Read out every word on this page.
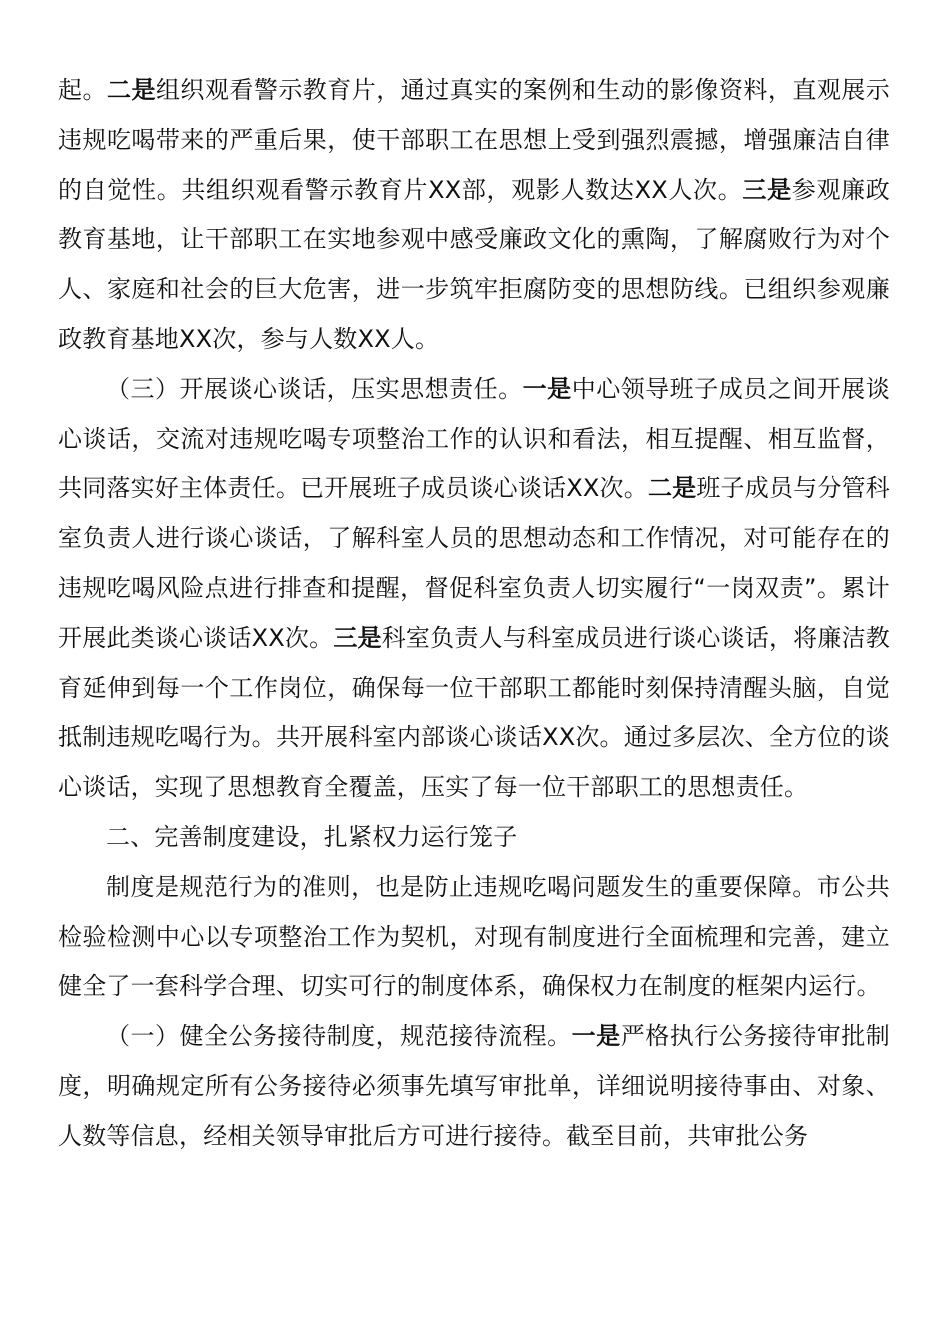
起。二是组织观看警示教育片，通过真实的案例和生动的影像资料，直观展示违规吃喝带来的严重后果，使干部职工在思想上受到强烈震撼，增强廉洁自律的自觉性。共组织观看警示教育片XX部，观影人数达XX人次。三是参观廉政教育基地，让干部职工在实地参观中感受廉政文化的熏陶，了解腐败行为对个人、家庭和社会的巨大危害，进一步筑牢拒腐防变的思想防线。已组织参观廉政教育基地XX次，参与人数XX人。

（三）开展谈心谈话，压实思想责任。一是中心领导班子成员之间开展谈心谈话，交流对违规吃喝专项整治工作的认识和看法，相互提醒、相互监督，共同落实好主体责任。已开展班子成员谈心谈话XX次。二是班子成员与分管科室负责人进行谈心谈话，了解科室人员的思想动态和工作情况，对可能存在的违规吃喝风险点进行排查和提醒，督促科室负责人切实履行“一岗双责”。累计开展此类谈心谈话XX次。三是科室负责人与科室成员进行谈心谈话，将廉洁教育延伸到每一个工作岗位，确保每一位干部职工都能时刻保持清醒头脑，自觉抵制违规吃喝行为。共开展科室内部谈心谈话XX次。通过多层次、全方位的谈心谈话，实现了思想教育全覆盖，压实了每一位干部职工的思想责任。

二、完善制度建设，扎紧权力运行笼子

制度是规范行为的准则，也是防止违规吃喝问题发生的重要保障。市公共检验检测中心以专项整治工作为契机，对现有制度进行全面梳理和完善，建立健全了一套科学合理、切实可行的制度体系，确保权力在制度的框架内运行。

（一）健全公务接待制度，规范接待流程。一是严格执行公务接待审批制度，明确规定所有公务接待必须事先填写审批单，详细说明接待事由、对象、人数等信息，经相关领导审批后方可进行接待。截至目前，共审批公务
